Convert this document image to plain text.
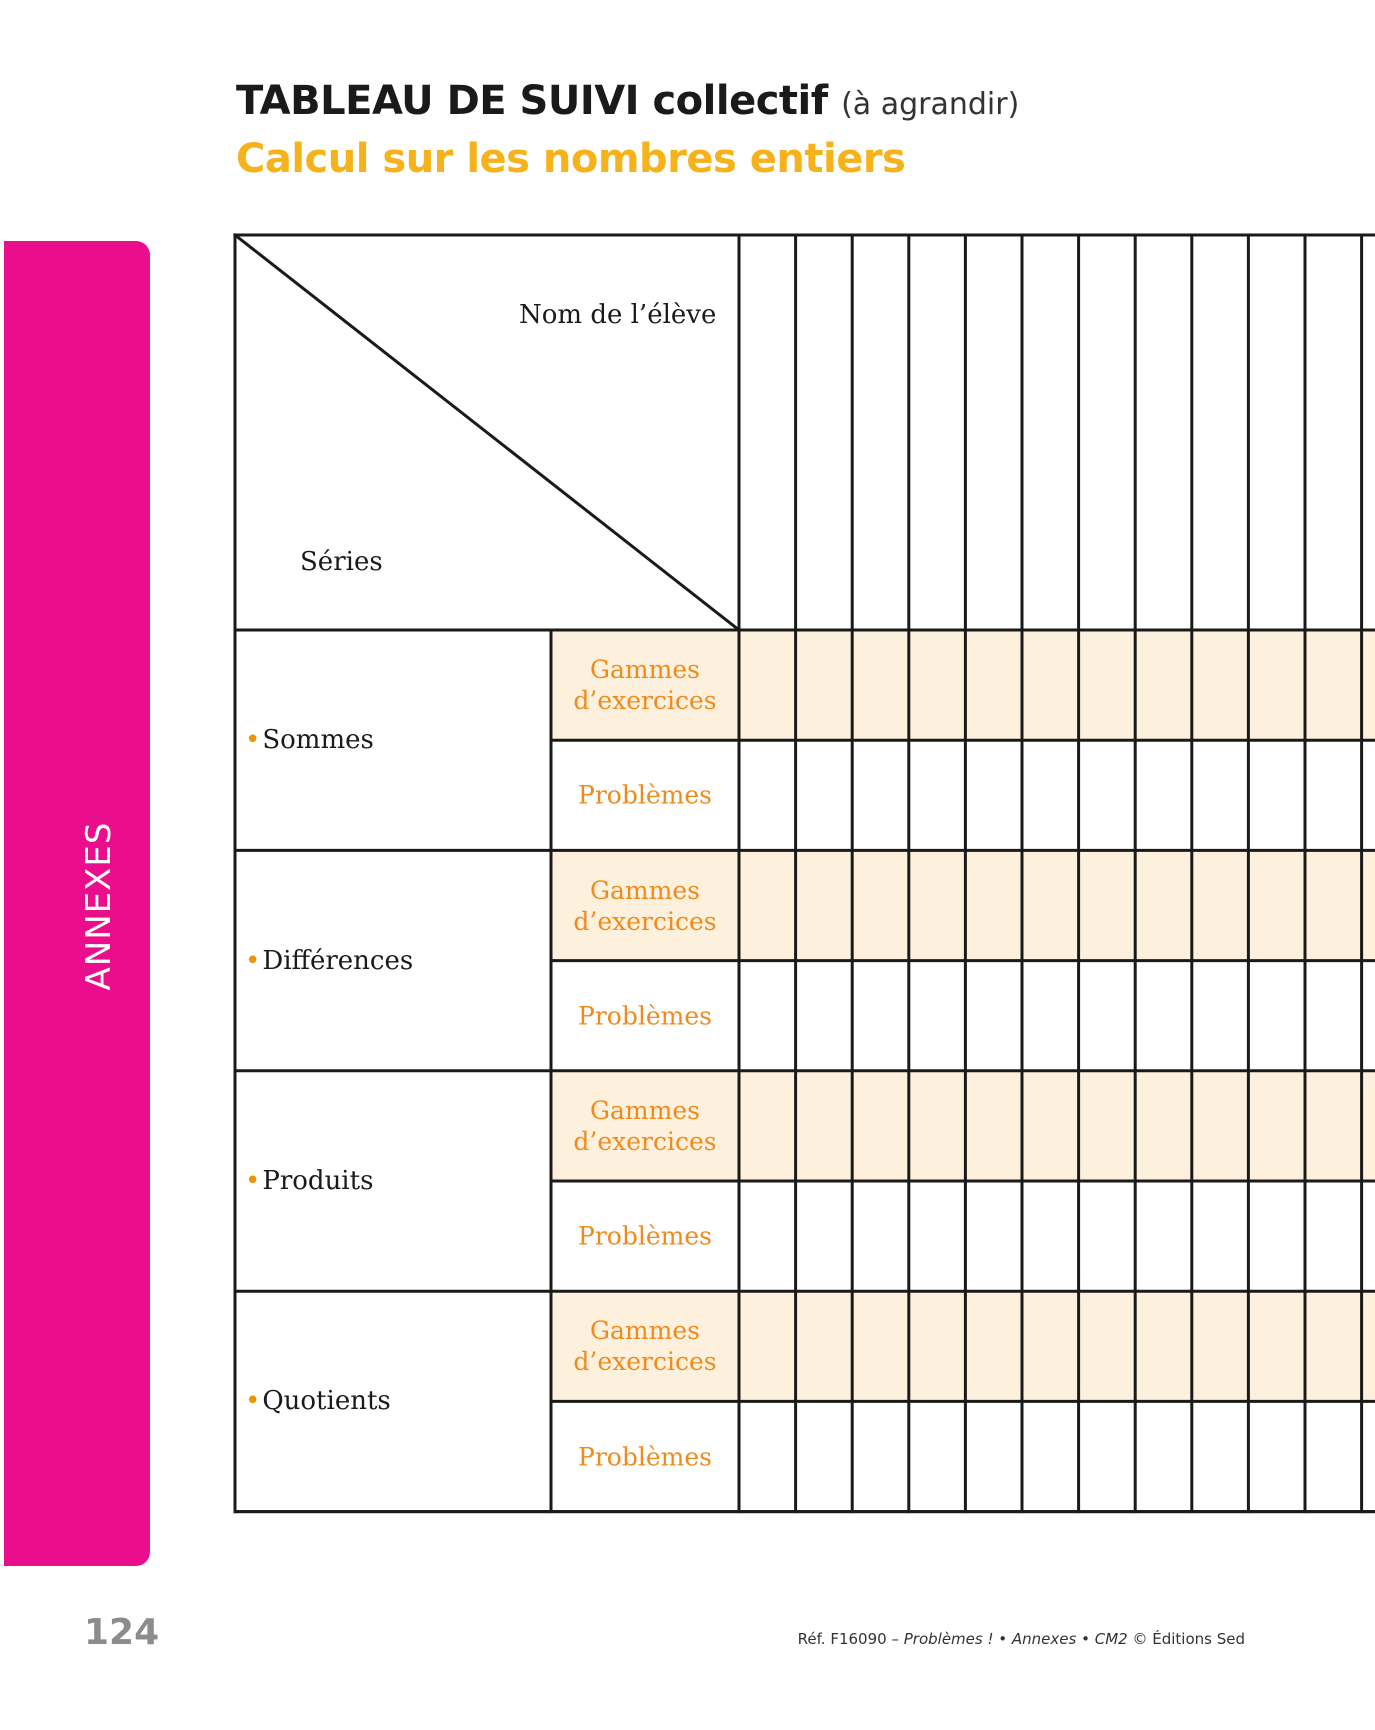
TABLEAU DE SUIVI collectif (à agrandir)
Calcul sur les nombres entiers
ANNEXES
Nom de l’élève
Séries
•Sommes
Gammes
d’exercices
Problèmes
•Différences
Gammes
d’exercices
Problèmes
•Produits
Gammes
d’exercices
Problèmes
•Quotients
Gammes
d’exercices
Problèmes
124	Réf. F16090 – Problèmes ! • Annexes • CM2 © Éditions Sed
